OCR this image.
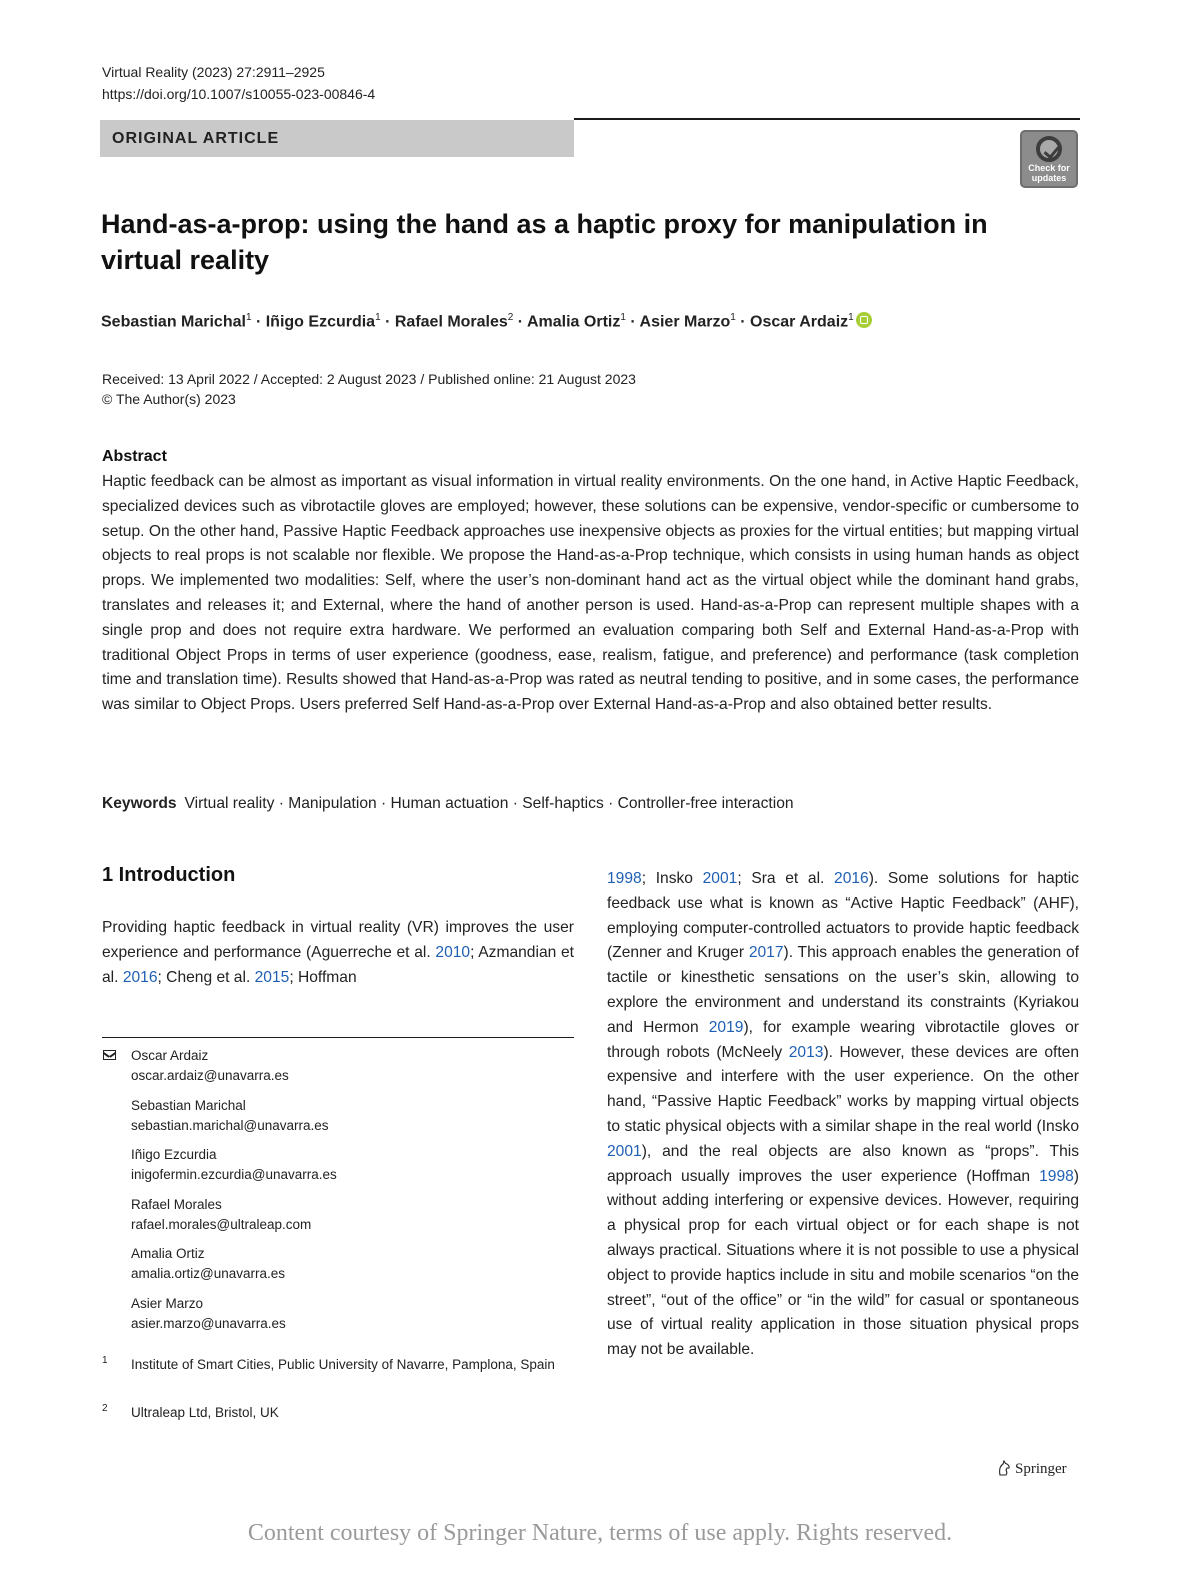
Virtual Reality (2023) 27:2911–2925
https://doi.org/10.1007/s10055-023-00846-4
ORIGINAL ARTICLE
Check for updates
Hand-as-a-prop: using the hand as a haptic proxy for manipulation in virtual reality
Sebastian Marichal$^1$ · Iñigo Ezcurdia$^1$ · Rafael Morales$^2$ · Amalia Ortiz$^1$ · Asier Marzo$^1$ · Oscar Ardaiz$^1$
Received: 13 April 2022 / Accepted: 2 August 2023 / Published online: 21 August 2023
© The Author(s) 2023
Abstract
Haptic feedback can be almost as important as visual information in virtual reality environments. On the one hand, in Active Haptic Feedback, specialized devices such as vibrotactile gloves are employed; however, these solutions can be expensive, vendor-specific or cumbersome to setup. On the other hand, Passive Haptic Feedback approaches use inexpensive objects as proxies for the virtual entities; but mapping virtual objects to real props is not scalable nor flexible. We propose the Hand-as-a-Prop technique, which consists in using human hands as object props. We implemented two modalities: Self, where the user’s non-dominant hand act as the virtual object while the dominant hand grabs, translates and releases it; and External, where the hand of another person is used. Hand-as-a-Prop can represent multiple shapes with a single prop and does not require extra hardware. We performed an evaluation comparing both Self and External Hand-as-a-Prop with traditional Object Props in terms of user experience (goodness, ease, realism, fatigue, and preference) and performance (task completion time and translation time). Results showed that Hand-as-a-Prop was rated as neutral tending to positive, and in some cases, the performance was similar to Object Props. Users preferred Self Hand-as-a-Prop over External Hand-as-a-Prop and also obtained better results.
Keywords Virtual reality · Manipulation · Human actuation · Self-haptics · Controller-free interaction
1 Introduction
Providing haptic feedback in virtual reality (VR) improves the user experience and performance (Aguerreche et al. 2010; Azmandian et al. 2016; Cheng et al. 2015; Hoffman
1998; Insko 2001; Sra et al. 2016). Some solutions for haptic feedback use what is known as “Active Haptic Feedback” (AHF), employing computer-controlled actuators to provide haptic feedback (Zenner and Kruger 2017). This approach enables the generation of tactile or kinesthetic sensations on the user’s skin, allowing to explore the environment and understand its constraints (Kyriakou and Hermon 2019), for example wearing vibrotactile gloves or through robots (McNeely 2013). However, these devices are often expensive and interfere with the user experience. On the other hand, “Passive Haptic Feedback” works by mapping virtual objects to static physical objects with a similar shape in the real world (Insko 2001), and the real objects are also known as “props”. This approach usually improves the user experience (Hoffman 1998) without adding interfering or expensive devices. However, requiring a physical prop for each virtual object or for each shape is not always practical. Situations where it is not possible to use a physical object to provide haptics include in situ and mobile scenarios “on the street”, “out of the office” or “in the wild” for casual or spontaneous use of virtual reality application in those situation physical props may not be available.
Oscar Ardaiz
oscar.ardaiz@unavarra.es
Sebastian Marichal
sebastian.marichal@unavarra.es
Iñigo Ezcurdia
inigofermin.ezcurdia@unavarra.es
Rafael Morales
rafael.morales@ultraleap.com
Amalia Ortiz
amalia.ortiz@unavarra.es
Asier Marzo
asier.marzo@unavarra.es
1	Institute of Smart Cities, Public University of Navarre, Pamplona, Spain
2	Ultraleap Ltd, Bristol, UK
Springer
Content courtesy of Springer Nature, terms of use apply. Rights reserved.
